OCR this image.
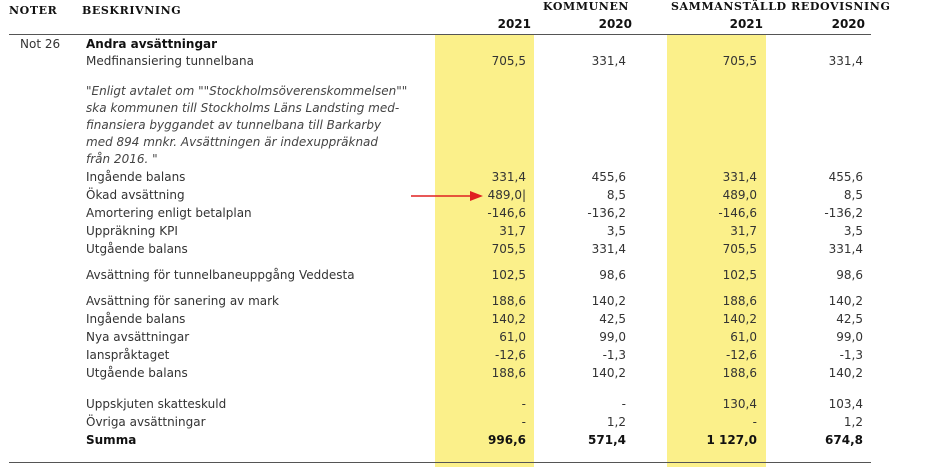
NOTER BESKRIVNING	KOMMUNEN	SAMMANSTÄLLD REDOVISNING
2021	2020	2021	2020
Not 26 Andra avsättningar
Medfinansiering tunnelbana	705,5	331,4	705,5	331,4
"Enligt avtalet om ""Stockholmsöverenskommelsen""
ska kommunen till Stockholms Läns Landsting med-
finansiera byggandet av tunnelbana till Barkarby
med 894 mnkr. Avsättningen är indexuppräknad
från 2016. "
Ingående balans	331,4	455,6	331,4	455,6
Ökad avsättning	489,0|	8,5	489,0	8,5
Amortering enligt betalplan	-146,6	-136,2	-146,6	-136,2
Uppräkning KPI	31,7	3,5	31,7	3,5
Utgående balans	705,5	331,4	705,5	331,4
Avsättning för tunnelbaneuppgång Veddesta	102,5	98,6	102,5	98,6
Avsättning för sanering av mark	188,6	140,2	188,6	140,2
Ingående balans	140,2	42,5	140,2	42,5
Nya avsättningar	61,0	99,0	61,0	99,0
Ianspråktaget	-12,6	-1,3	-12,6	-1,3
Utgående balans	188,6	140,2	188,6	140,2
Uppskjuten skatteskuld	-	-	130,4	103,4
Övriga avsättningar	-	1,2	-	1,2
Summa	996,6	571,4	1 127,0	674,8
